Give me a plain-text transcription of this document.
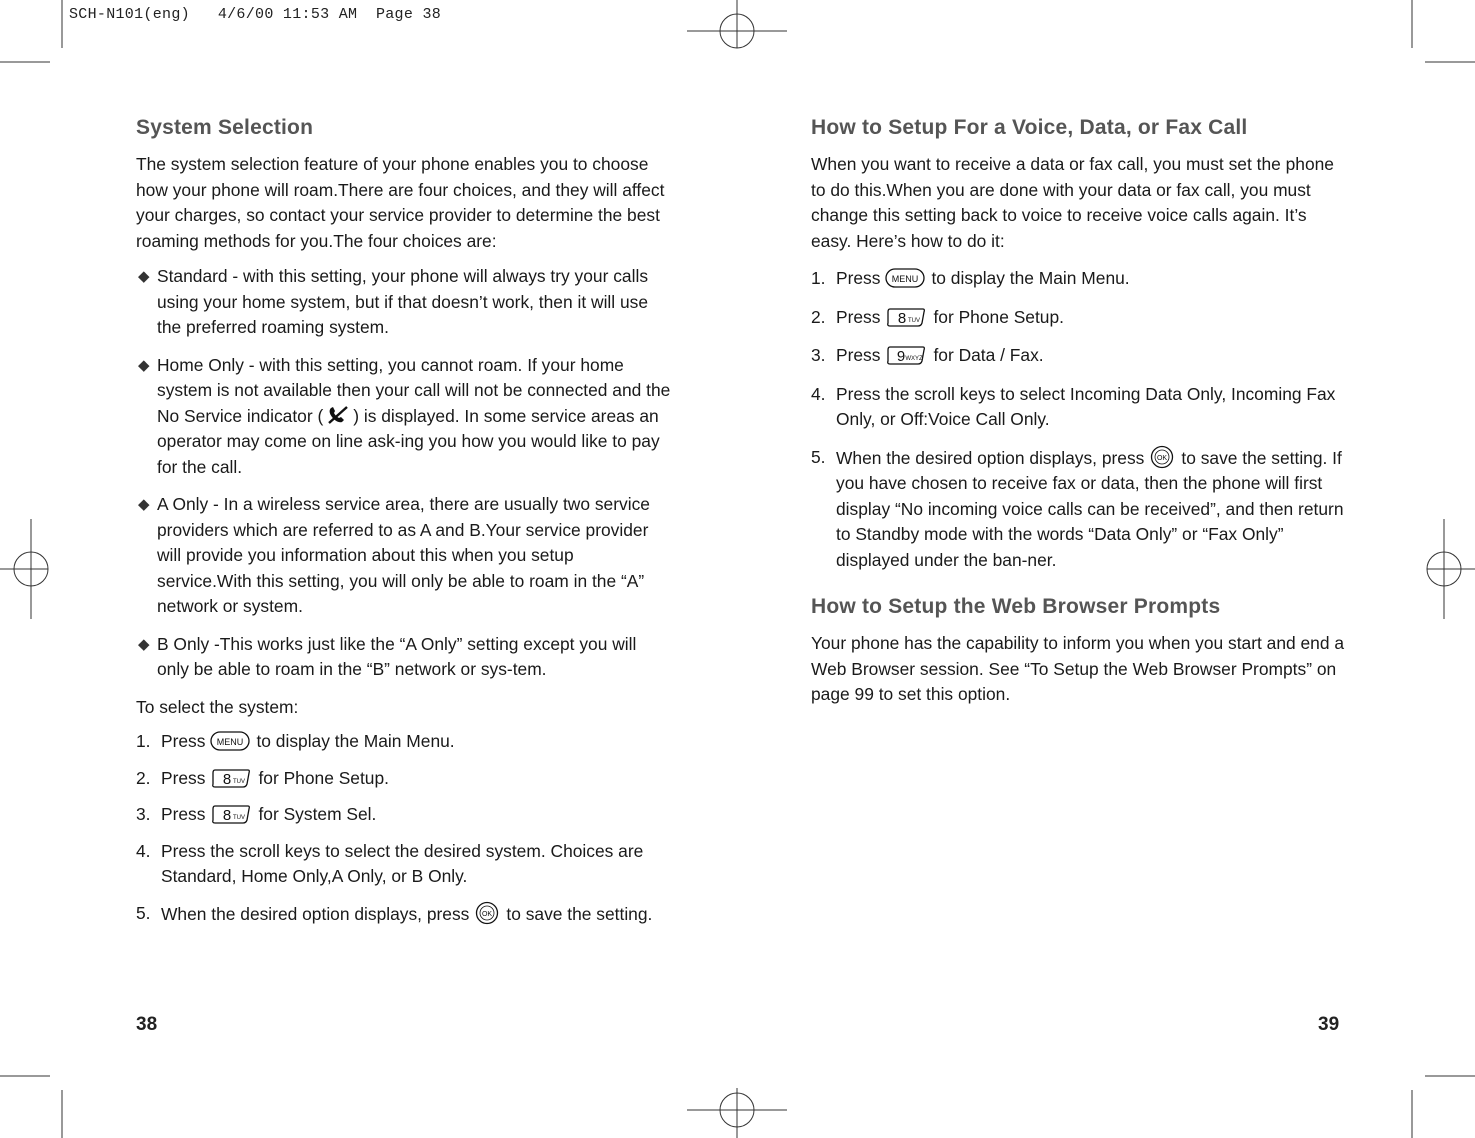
SCH-N101(eng)   4/6/00 11:53 AM  Page 38
System Selection

The system selection feature of your phone enables you to choose how your phone will roam.There are four choices, and they will affect your charges, so contact your service provider to determine the best roaming methods for you.The four choices are:

◆ Standard - with this setting, your phone will always try your calls using your home system, but if that doesn’t work, then it will use the preferred roaming system.
◆ Home Only - with this setting, you cannot roam. If your home system is not available then your call will not be connected and the No Service indicator ( ) is displayed. In some service areas an operator may come on line ask-ing you how you would like to pay for the call.
◆ A Only - In a wireless service area, there are usually two service providers which are referred to as A and B.Your service provider will provide you information about this when you setup service.With this setting, you will only be able to roam in the “A” network or system.
◆ B Only -This works just like the “A Only” setting except you will only be able to roam in the “B” network or sys-tem.

To select the system:

1. Press MENU to display the Main Menu.
2. Press 8 TUV for Phone Setup.
3. Press 8 TUV for System Sel.
4. Press the scroll keys to select the desired system. Choices are Standard, Home Only,A Only, or B Only.
5. When the desired option displays, press OK to save the setting.
38
How to Setup For a Voice, Data, or Fax Call

When you want to receive a data or fax call, you must set the phone to do this.When you are done with your data or fax call, you must change this setting back to voice to receive voice calls again. It’s easy. Here’s how to do it:

1. Press MENU to display the Main Menu.
2. Press 8 TUV for Phone Setup.
3. Press 9 WXYZ for Data / Fax.
4. Press the scroll keys to select Incoming Data Only, Incoming Fax Only, or Off:Voice Call Only.
5. When the desired option displays, press OK to save the setting. If you have chosen to receive fax or data, then the phone will first display “No incoming voice calls can be received”, and then return to Standby mode with the words “Data Only” or “Fax Only” displayed under the ban-ner.
How to Setup the Web Browser Prompts

Your phone has the capability to inform you when you start and end a Web Browser session. See “To Setup the Web Browser Prompts” on page 99 to set this option.

39
